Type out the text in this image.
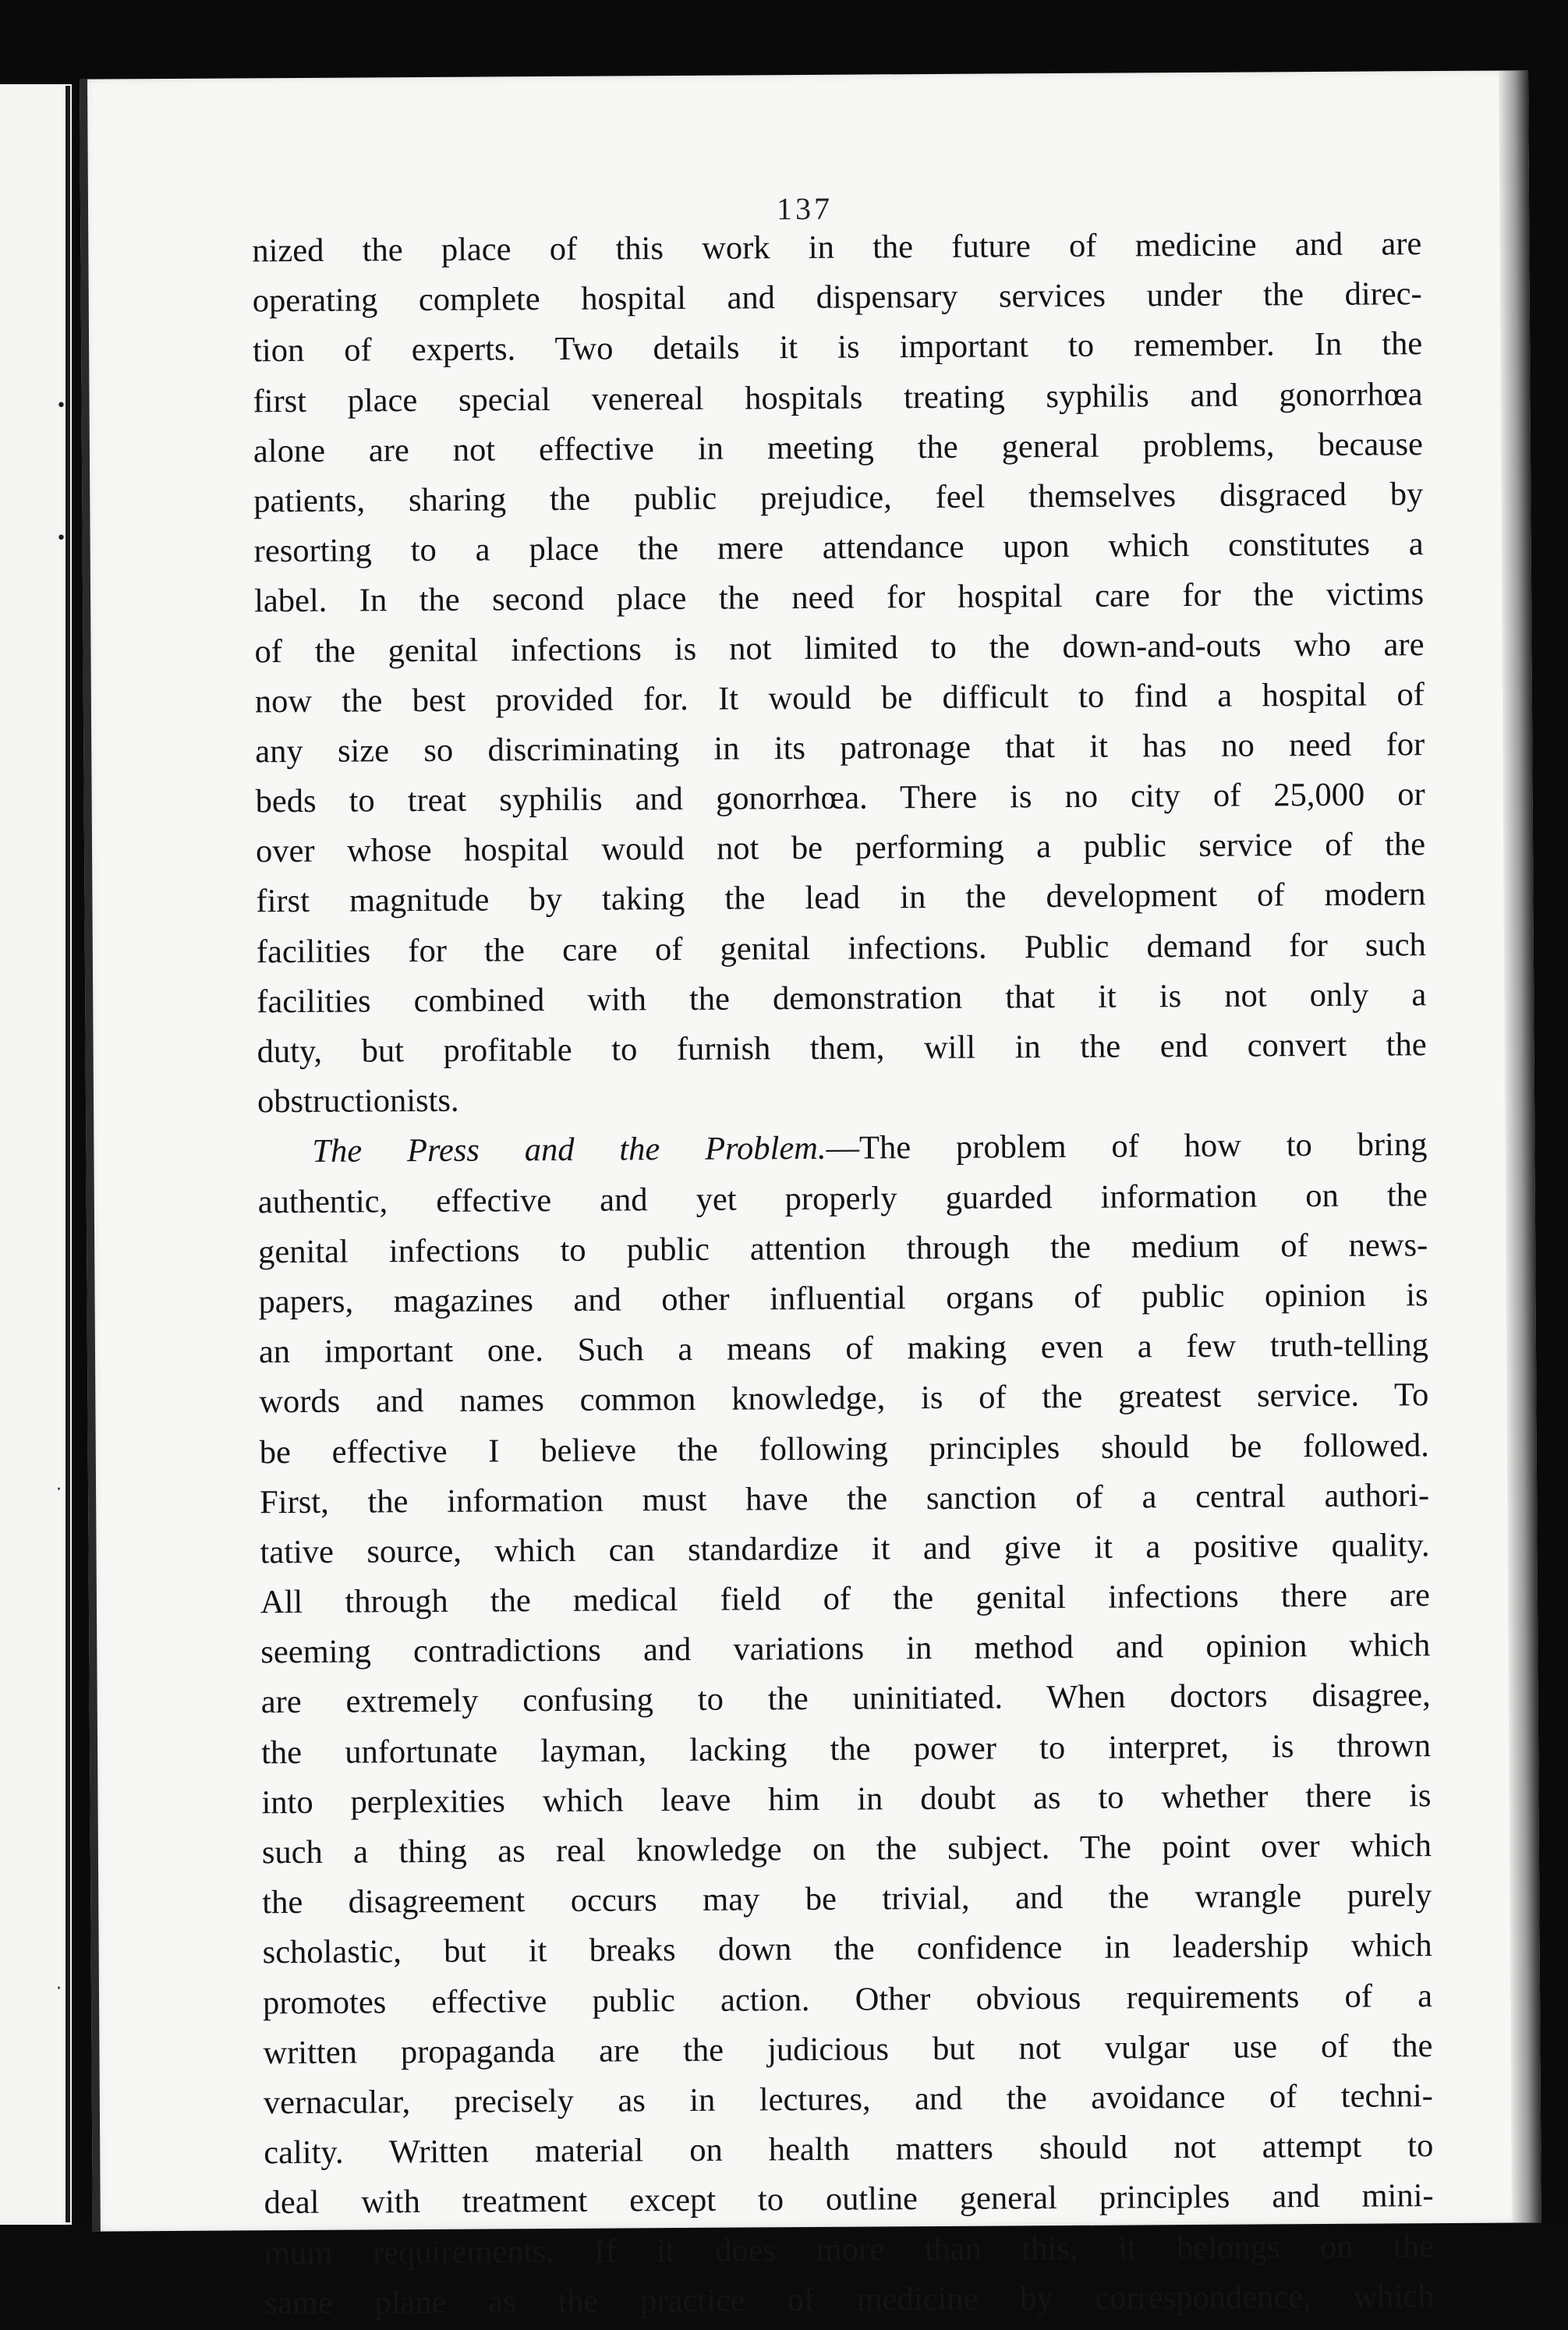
•
•
·
·
137
nized the place of this work in the future of medicine and are
operating complete hospital and dispensary services under the direc-
tion of experts. Two details it is important to remember. In the
first place special venereal hospitals treating syphilis and gonorrhœa
alone are not effective in meeting the general problems, because
patients, sharing the public prejudice, feel themselves disgraced by
resorting to a place the mere attendance upon which constitutes a
label. In the second place the need for hospital care for the victims
of the genital infections is not limited to the down-and-outs who are
now the best provided for. It would be difficult to find a hospital of
any size so discriminating in its patronage that it has no need for
beds to treat syphilis and gonorrhœa. There is no city of 25,000 or
over whose hospital would not be performing a public service of the
first magnitude by taking the lead in the development of modern
facilities for the care of genital infections. Public demand for such
facilities combined with the demonstration that it is not only a
duty, but profitable to furnish them, will in the end convert the
obstructionists.
The Press and the Problem.—The problem of how to bring
authentic, effective and yet properly guarded information on the
genital infections to public attention through the medium of news-
papers, magazines and other influential organs of public opinion is
an important one. Such a means of making even a few truth-telling
words and names common knowledge, is of the greatest service. To
be effective I believe the following principles should be followed.
First, the information must have the sanction of a central authori-
tative source, which can standardize it and give it a positive quality.
All through the medical field of the genital infections there are
seeming contradictions and variations in method and opinion which
are extremely confusing to the uninitiated. When doctors disagree,
the unfortunate layman, lacking the power to interpret, is thrown
into perplexities which leave him in doubt as to whether there is
such a thing as real knowledge on the subject. The point over which
the disagreement occurs may be trivial, and the wrangle purely
scholastic, but it breaks down the confidence in leadership which
promotes effective public action. Other obvious requirements of a
written propaganda are the judicious but not vulgar use of the
vernacular, precisely as in lectures, and the avoidance of techni-
cality. Written material on health matters should not attempt to
deal with treatment except to outline general principles and mini-
mum requirements. If it does more than this, it belongs on the
same plane as the practice of medicine by correspondence, which
